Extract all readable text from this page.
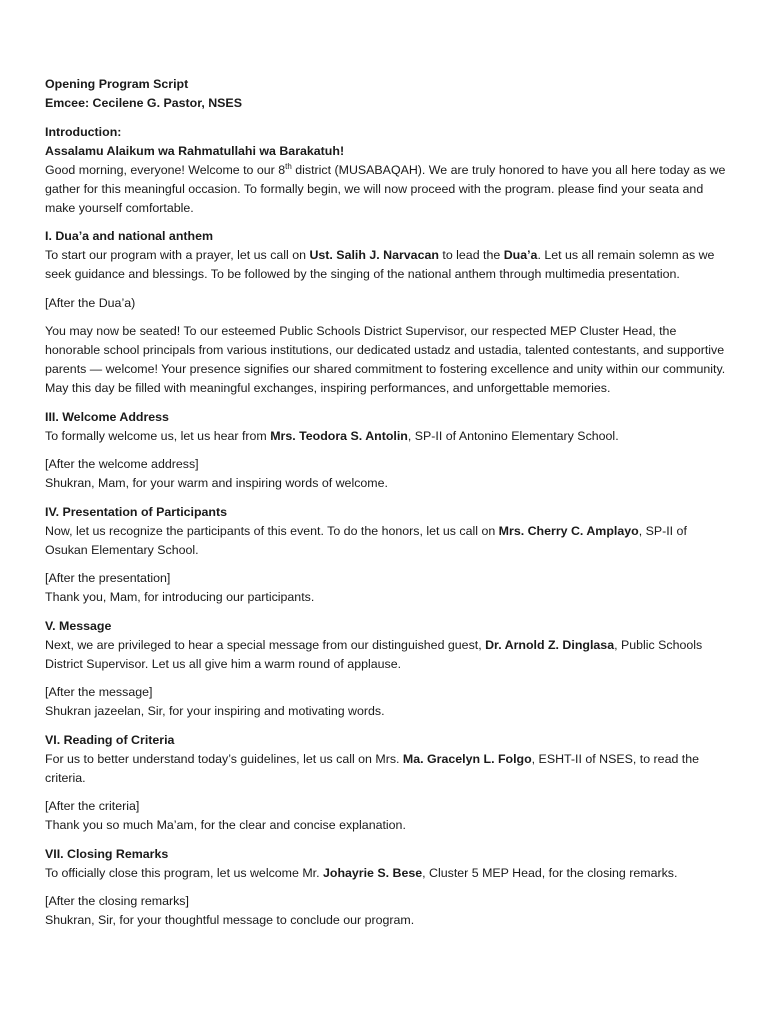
Opening Program Script

Emcee: Cecilene G. Pastor, NSES

Introduction:

Assalamu Alaikum wa Rahmatullahi wa Barakatuh!

Good morning, everyone! Welcome to our 8th district (MUSABAQAH). We are truly honored to have you all here today as we gather for this meaningful occasion. To formally begin, we will now proceed with the program. please find your seata and make yourself comfortable.

I. Dua’a and national anthem

To start our program with a prayer, let us call on Ust. Salih J. Narvacan to lead the Dua’a. Let us all remain solemn as we seek guidance and blessings. To be followed by the singing of the national anthem through multimedia presentation.

[After the Dua’a)

You may now be seated! To our esteemed Public Schools District Supervisor, our respected MEP Cluster Head, the honorable school principals from various institutions, our dedicated ustadz and ustadia, talented contestants, and supportive parents — welcome! Your presence signifies our shared commitment to fostering excellence and unity within our community. May this day be filled with meaningful exchanges, inspiring performances, and unforgettable memories.

III. Welcome Address

To formally welcome us, let us hear from Mrs. Teodora S. Antolin, SP-II of Antonino Elementary School.

[After the welcome address]

Shukran, Mam, for your warm and inspiring words of welcome.

IV. Presentation of Participants

Now, let us recognize the participants of this event. To do the honors, let us call on Mrs. Cherry C. Amplayo, SP-II of Osukan Elementary School.

[After the presentation]

Thank you, Mam, for introducing our participants.

V. Message

Next, we are privileged to hear a special message from our distinguished guest, Dr. Arnold Z. Dinglasa, Public Schools District Supervisor. Let us all give him a warm round of applause.

[After the message]

Shukran jazeelan, Sir, for your inspiring and motivating words.

VI. Reading of Criteria

For us to better understand today’s guidelines, let us call on Mrs. Ma. Gracelyn L. Folgo, ESHT-II of NSES, to read the criteria.

[After the criteria]

Thank you so much Ma’am, for the clear and concise explanation.

VII. Closing Remarks

To officially close this program, let us welcome Mr. Johayrie S. Bese, Cluster 5 MEP Head, for the closing remarks.

[After the closing remarks]

Shukran, Sir, for your thoughtful message to conclude our program.
